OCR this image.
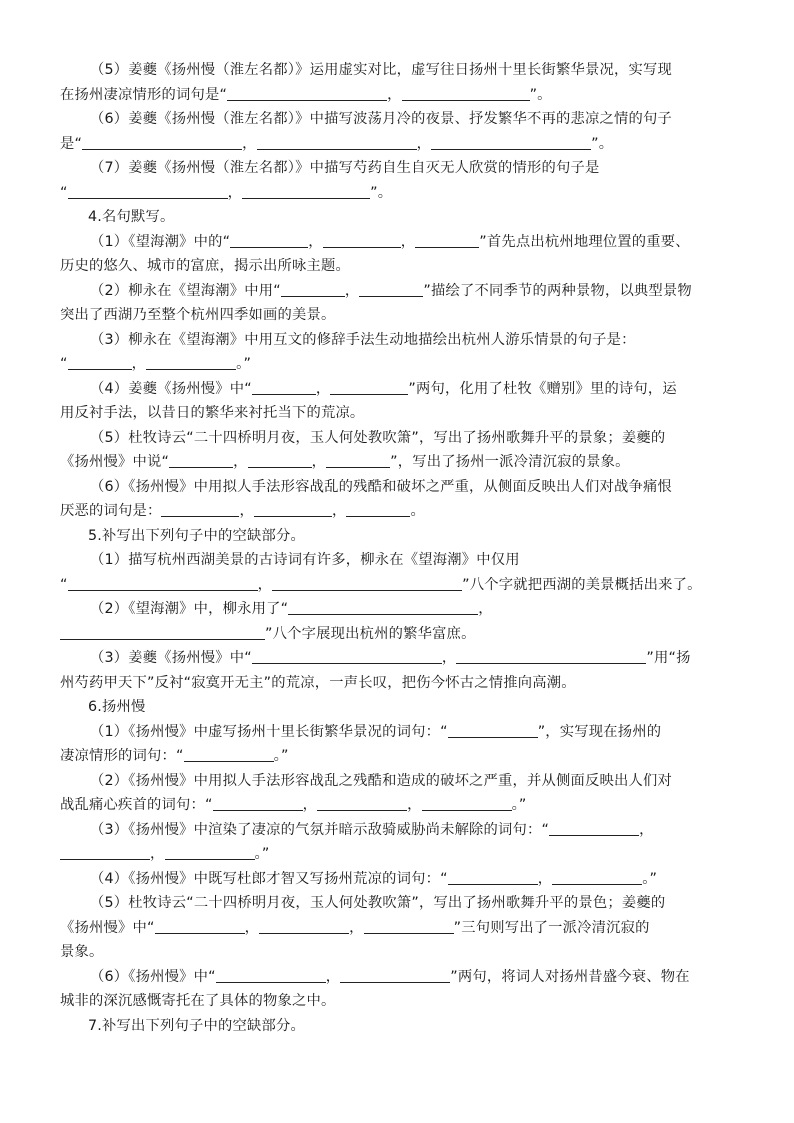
（5）姜夔《扬州慢（淮左名都）》运用虚实对比，虚写往日扬州十里长街繁华景况，实写现

在扬州凄凉情形的词句是“	，	”。

（6）姜夔《扬州慢（淮左名都）》中描写波荡月冷的夜景、抒发繁华不再的悲凉之情的句子

是“	，	，	”。

（7）姜夔《扬州慢（淮左名都）》中描写芍药自生自灭无人欣赏的情形的句子是

“	，	”。

4.名句默写。

（1）《望海潮》中的“	，	，	”首先点出杭州地理位置的重要、

历史的悠久、城市的富庶，揭示出所咏主题。

（2）柳永在《望海潮》中用“	，	”描绘了不同季节的两种景物，以典型景物

突出了西湖乃至整个杭州四季如画的美景。

（3）柳永在《望海潮》中用互文的修辞手法生动地描绘出杭州人游乐情景的句子是：

“	，	。”

（4）姜夔《扬州慢》中“	，	”两句，化用了杜牧《赠别》里的诗句，运

用反衬手法，以昔日的繁华来衬托当下的荒凉。

（5）杜牧诗云“二十四桥明月夜，玉人何处教吹箫”，写出了扬州歌舞升平的景象；姜夔的

《扬州慢》中说“	，	，	”，写出了扬州一派冷清沉寂的景象。

（6）《扬州慢》中用拟人手法形容战乱的残酷和破坏之严重，从侧面反映出人们对战争痛恨

厌恶的词句是：	，	，	。

5.补写出下列句子中的空缺部分。

（1）描写杭州西湖美景的古诗词有许多，柳永在《望海潮》中仅用

“	，	”八个字就把西湖的美景概括出来了。

（2）《望海潮》中，柳永用了“	，

”八个字展现出杭州的繁华富庶。

（3）姜夔《扬州慢》中“	，	”用“扬

州芍药甲天下”反衬“寂寞开无主”的荒凉，一声长叹，把伤今怀古之情推向高潮。

6.扬州慢

（1）《扬州慢》中虚写扬州十里长街繁华景况的词句：“	”，实写现在扬州的

凄凉情形的词句：“	。”

（2）《扬州慢》中用拟人手法形容战乱之残酷和造成的破坏之严重，并从侧面反映出人们对

战乱痛心疾首的词句：“	，	，	。”

（3）《扬州慢》中渲染了凄凉的气氛并暗示敌骑威胁尚未解除的词句：“	，

，	。”

（4）《扬州慢》中既写杜郎才智又写扬州荒凉的词句：“	，	。”

（5）杜牧诗云“二十四桥明月夜，玉人何处教吹箫”，写出了扬州歌舞升平的景色；姜夔的

《扬州慢》中“	，	，	”三句则写出了一派冷清沉寂的

景象。

（6）《扬州慢》中“	，	”两句，将词人对扬州昔盛今衰、物在

城非的深沉感慨寄托在了具体的物象之中。

7.补写出下列句子中的空缺部分。
